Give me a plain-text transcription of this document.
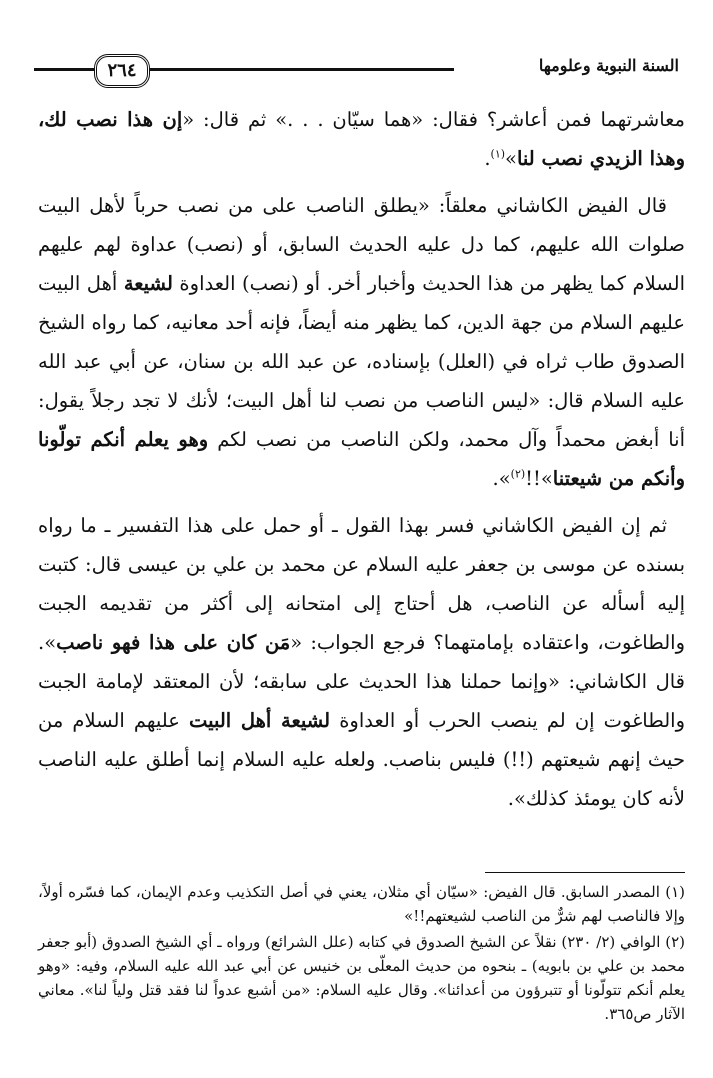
السنة النبوية وعلومها
٢٦٤

معاشرتهما فمن أعاشر؟ فقال: «هما سيّان . . .» ثم قال: «إن هذا نصب لك، وهذا الزيدي نصب لنا»$^{(١)}$.

قال الفيض الكاشاني معلقاً: «يطلق الناصب على من نصب حرباً لأهل البيت صلوات الله عليهم، كما دل عليه الحديث السابق، أو (نصب) عداوة لهم عليهم السلام كما يظهر من هذا الحديث وأخبار أخر. أو (نصب) العداوة لشيعة أهل البيت عليهم السلام من جهة الدين، كما يظهر منه أيضاً، فإنه أحد معانيه، كما رواه الشيخ الصدوق طاب ثراه في (العلل) بإسناده، عن عبد الله بن سنان، عن أبي عبد الله عليه السلام قال: «ليس الناصب من نصب لنا أهل البيت؛ لأنك لا تجد رجلاً يقول: أنا أبغض محمداً وآل محمد، ولكن الناصب من نصب لكم وهو يعلم أنكم تولّونا وأنكم من شيعتنا»!!$^{(٢)}$».

ثم إن الفيض الكاشاني فسر بهذا القول ـ أو حمل على هذا التفسير ـ ما رواه بسنده عن موسى بن جعفر عليه السلام عن محمد بن علي بن عيسى قال: كتبت إليه أسأله عن الناصب، هل أحتاج إلى امتحانه إلى أكثر من تقديمه الجبت والطاغوت، واعتقاده بإمامتهما؟ فرجع الجواب: «مَن كان على هذا فهو ناصب». قال الكاشاني: «وإنما حملنا هذا الحديث على سابقه؛ لأن المعتقد لإمامة الجبت والطاغوت إن لم ينصب الحرب أو العداوة لشيعة أهل البيت عليهم السلام من حيث إنهم شيعتهم (!!) فليس بناصب. ولعله عليه السلام إنما أطلق عليه الناصب لأنه كان يومئذ كذلك».

(١) المصدر السابق. قال الفيض: «سيّان أي مثلان، يعني في أصل التكذيب وعدم الإيمان، كما فسّره أولاً، وإلا فالناصب لهم شرٌّ من الناصب لشيعتهم!!»

(٢) الوافي (٢/ ٢٣٠) نقلاً عن الشيخ الصدوق في كتابه (علل الشرائع) ورواه ـ أي الشيخ الصدوق (أبو جعفر محمد بن علي بن بابويه) ـ بنحوه من حديث المعلّى بن خنيس عن أبي عبد الله عليه السلام، وفيه: «وهو يعلم أنكم تتولّونا أو تتبرؤون من أعدائنا». وقال عليه السلام: «من أشبع عدواً لنا فقد قتل ولياً لنا». معاني الآثار ص٣٦٥.
